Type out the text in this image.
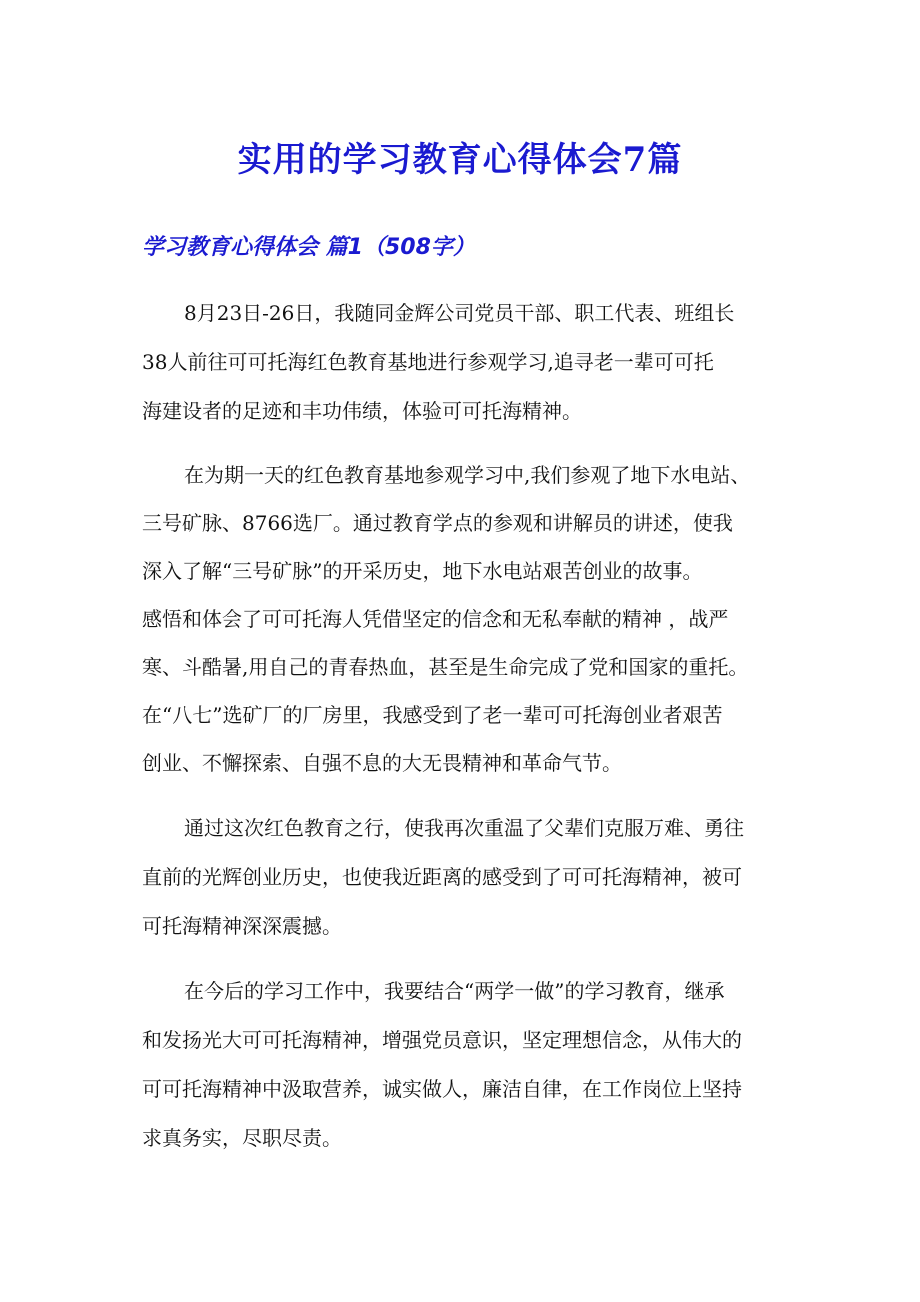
实用的学习教育心得体会7篇
学习教育心得体会 篇1（508字）
8月23日-26日，我随同金辉公司党员干部、职工代表、班组长
38人前往可可托海红色教育基地进行参观学习,追寻老一辈可可托
海建设者的足迹和丰功伟绩，体验可可托海精神。
在为期一天的红色教育基地参观学习中,我们参观了地下水电站、
三号矿脉、8766选厂。通过教育学点的参观和讲解员的讲述，使我
深入了解“三号矿脉”的开采历史，地下水电站艰苦创业的故事。
感悟和体会了可可托海人凭借坚定的信念和无私奉献的精神 ，战严
寒、斗酷暑,用自己的青春热血，甚至是生命完成了党和国家的重托。
在“八七”选矿厂的厂房里，我感受到了老一辈可可托海创业者艰苦
创业、不懈探索、自强不息的大无畏精神和革命气节。
通过这次红色教育之行，使我再次重温了父辈们克服万难、勇往
直前的光辉创业历史，也使我近距离的感受到了可可托海精神，被可
可托海精神深深震撼。
在今后的学习工作中，我要结合“两学一做”的学习教育，继承
和发扬光大可可托海精神，增强党员意识，坚定理想信念，从伟大的
可可托海精神中汲取营养，诚实做人，廉洁自律，在工作岗位上坚持
求真务实，尽职尽责。
